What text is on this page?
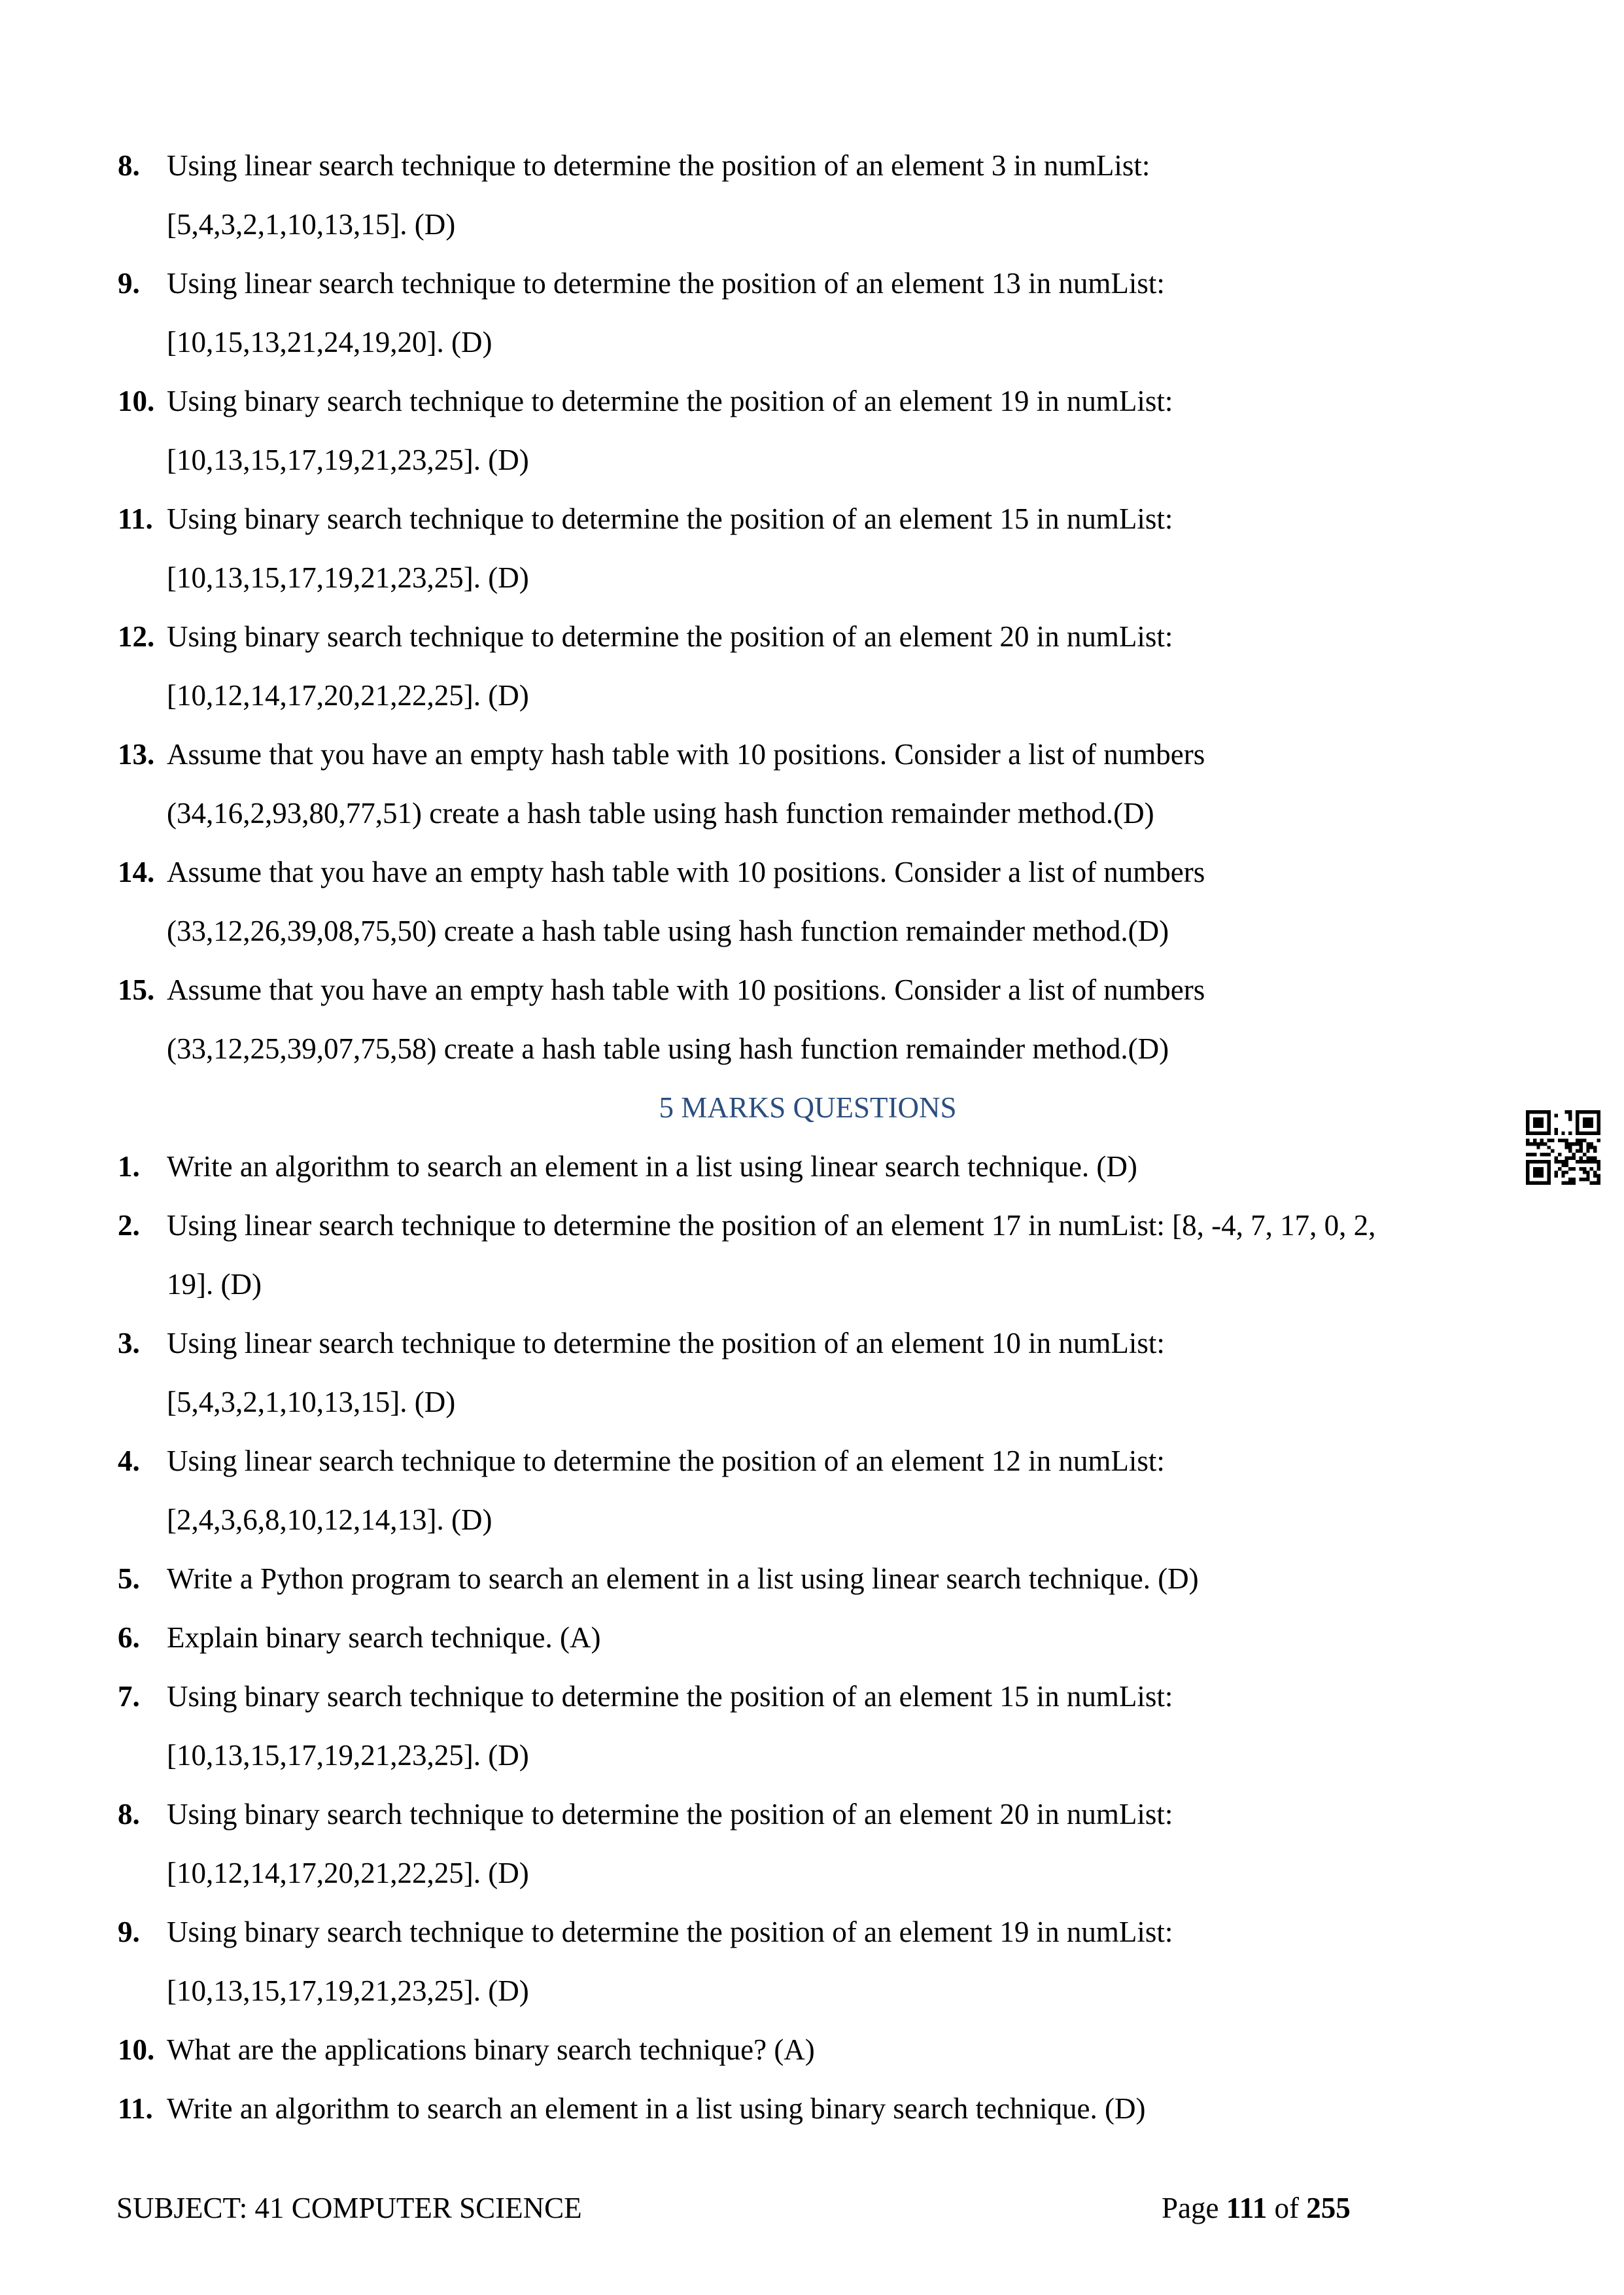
8. Using linear search technique to determine the position of an element 3 in numList:
[5,4,3,2,1,10,13,15]. (D)
9. Using linear search technique to determine the position of an element 13 in numList:
[10,15,13,21,24,19,20]. (D)
10. Using binary search technique to determine the position of an element 19 in numList:
[10,13,15,17,19,21,23,25]. (D)
11. Using binary search technique to determine the position of an element 15 in numList:
[10,13,15,17,19,21,23,25]. (D)
12. Using binary search technique to determine the position of an element 20 in numList:
[10,12,14,17,20,21,22,25]. (D)
13. Assume that you have an empty hash table with 10 positions. Consider a list of numbers
(34,16,2,93,80,77,51) create a hash table using hash function remainder method.(D)
14. Assume that you have an empty hash table with 10 positions. Consider a list of numbers
(33,12,26,39,08,75,50) create a hash table using hash function remainder method.(D)
15. Assume that you have an empty hash table with 10 positions. Consider a list of numbers
(33,12,25,39,07,75,58) create a hash table using hash function remainder method.(D)
5 MARKS QUESTIONS
1. Write an algorithm to search an element in a list using linear search technique. (D)
2. Using linear search technique to determine the position of an element 17 in numList: [8, -4, 7, 17, 0, 2,
19]. (D)
3. Using linear search technique to determine the position of an element 10 in numList:
[5,4,3,2,1,10,13,15]. (D)
4. Using linear search technique to determine the position of an element 12 in numList:
[2,4,3,6,8,10,12,14,13]. (D)
5. Write a Python program to search an element in a list using linear search technique. (D)
6. Explain binary search technique. (A)
7. Using binary search technique to determine the position of an element 15 in numList:
[10,13,15,17,19,21,23,25]. (D)
8. Using binary search technique to determine the position of an element 20 in numList:
[10,12,14,17,20,21,22,25]. (D)
9. Using binary search technique to determine the position of an element 19 in numList:
[10,13,15,17,19,21,23,25]. (D)
10. What are the applications binary search technique? (A)
11. Write an algorithm to search an element in a list using binary search technique. (D)
SUBJECT: 41 COMPUTER SCIENCE	Page 111 of 255
